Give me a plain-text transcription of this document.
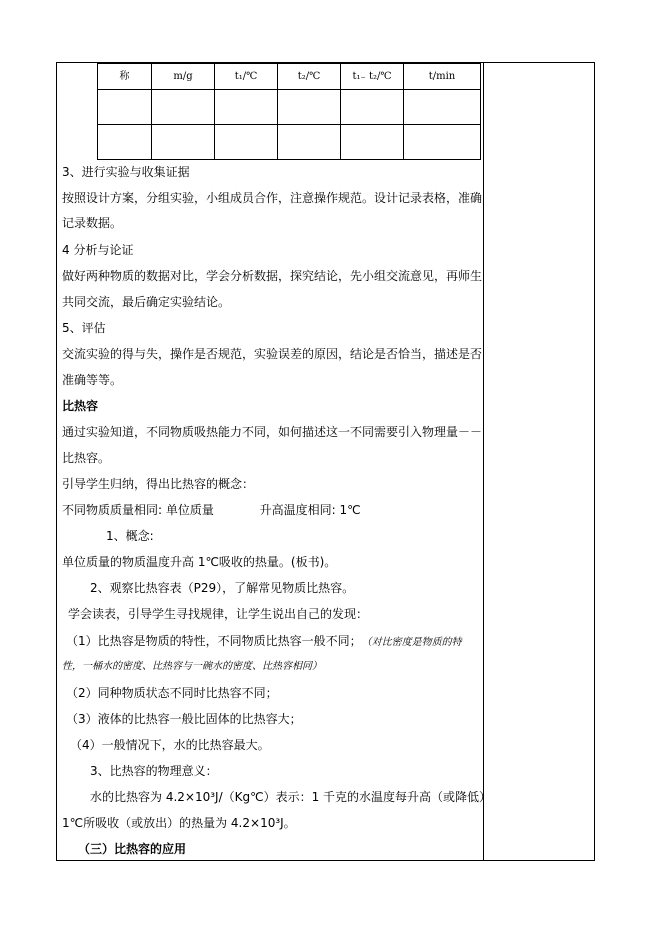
称	m/g	t₁/℃	t₂/℃	t₁₋ t₂/℃	t/min

3、进行实验与收集证据
按照设计方案，分组实验，小组成员合作，注意操作规范。设计记录表格，准确
记录数据。
4 分析与论证
做好两种物质的数据对比，学会分析数据，探究结论，先小组交流意见，再师生
共同交流，最后确定实验结论。
5、评估
交流实验的得与失，操作是否规范，实验误差的原因，结论是否恰当，描述是否
准确等等。
比热容
通过实验知道，不同物质吸热能力不同，如何描述这一不同需要引入物理量－－
比热容。
引导学生归纳，得出比热容的概念：
不同物质质量相同: 单位质量            升高温度相同: 1℃
1、概念:
单位质量的物质温度升高 1℃吸收的热量。(板书)。
2、观察比热容表（P29），了解常见物质比热容。
学会读表，引导学生寻找规律，让学生说出自己的发现：
（1）比热容是物质的特性，不同物质比热容一般不同；（对比密度是物质的特
性，一桶水的密度、比热容与一碗水的密度、比热容相同）
（2）同种物质状态不同时比热容不同；
（3）液体的比热容一般比固体的比热容大；
（4）一般情况下，水的比热容最大。
3、比热容的物理意义：
水的比热容为 4.2×10³J/（Kg℃）表示：1 千克的水温度每升高（或降低）
1℃所吸收（或放出）的热量为 4.2×10³J。
（三）比热容的应用
